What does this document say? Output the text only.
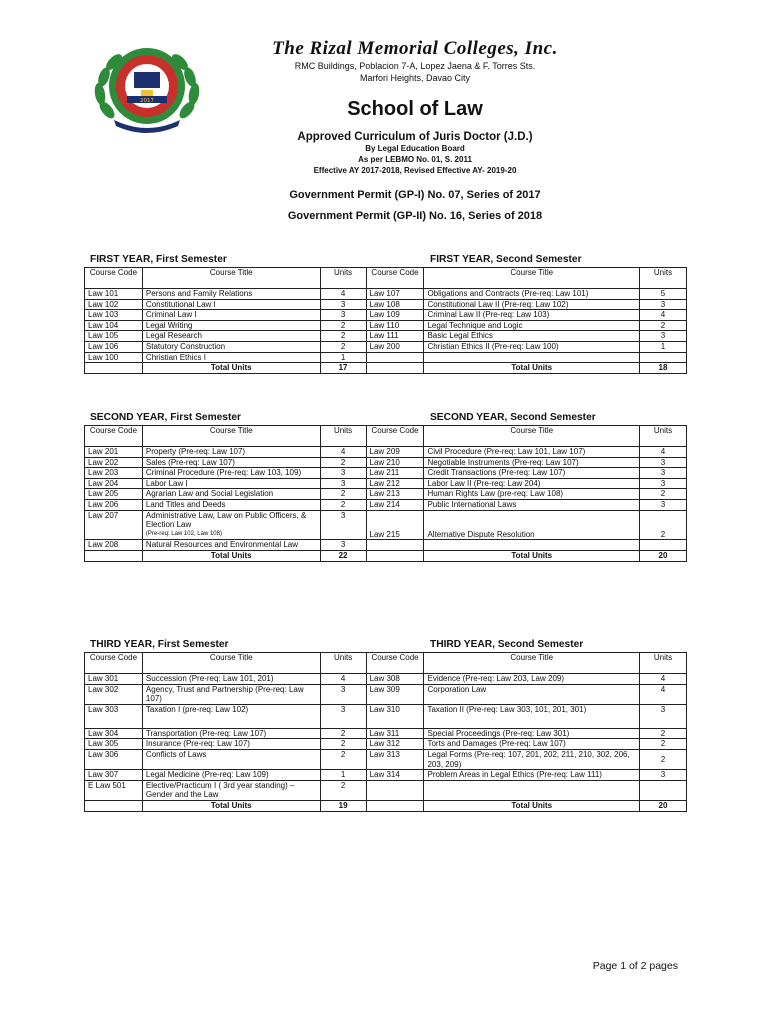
2017
The Rizal Memorial Colleges, Inc.
RMC Buildings, Poblacion 7-A, Lopez Jaena & F. Torres Sts.
Marfori Heights, Davao City
School of Law
Approved Curriculum of Juris Doctor (J.D.)
By Legal Education Board
As per LEBMO No. 01, S. 2011
Effective AY 2017-2018, Revised Effective AY- 2019-20
Government Permit (GP-I) No. 07, Series of 2017
Government Permit (GP-II) No. 16, Series of 2018
FIRST YEAR, First Semester	FIRST YEAR, Second Semester
Course Code	Course Title	Units	Course Code	Course Title	Units
Law 101	Persons and Family Relations	4	Law 107	Obligations and Contracts (Pre-req: Law 101)	5
Law 102	Constitutional Law I	3	Law 108	Constitutional Law II (Pre-req: Law 102)	3
Law 103	Criminal Law I	3	Law 109	Criminal Law II (Pre-req: Law 103)	4
Law 104	Legal Writing	2	Law 110	Legal Technique and Logic	2
Law 105	Legal Research	2	Law 111	Basic Legal Ethics	3
Law 106	Statutory Construction	2	Law 200	Christian Ethics II (Pre-req: Law 100)	1
Law 100	Christian Ethics I	1			
	Total Units	17		Total Units	18
SECOND YEAR, First Semester	SECOND YEAR, Second Semester
Course Code	Course Title	Units	Course Code	Course Title	Units
Law 201	Property (Pre-req: Law 107)	4	Law 209	Civil Procedure (Pre-req: Law 101, Law 107)	4
Law 202	Sales (Pre-req: Law 107)	2	Law 210	Negotiable Instruments (Pre-req: Law 107)	3
Law 203	Criminal Procedure (Pre-req: Law 103, 109)	3	Law 211	Credit Transactions (Pre-req: Law 107)	3
Law 204	Labor Law I	3	Law 212	Labor Law II (Pre-req: Law 204)	3
Law 205	Agrarian Law and Social Legislation	2	Law 213	Human Rights Law (pre-req: Law 108)	2
Law 206	Land Titles and Deeds	2	Law 214	Public International Laws	3
Law 207	Administrative Law, Law on Public Officers, & Election Law
(Pre-req: Law 102, Law 108)	3	Law 215	Alternative Dispute Resolution	2
Law 208	Natural Resources and Environmental Law	3			
	Total Units	22		Total Units	20
THIRD YEAR, First Semester	THIRD YEAR, Second Semester
Course Code	Course Title	Units	Course Code	Course Title	Units
Law 301	Succession (Pre-req: Law 101, 201)	4	Law 308	Evidence (Pre-req: Law 203, Law 209)	4
Law 302	Agency, Trust and Partnership (Pre-req: Law 107)	3	Law 309	Corporation Law	4
Law 303	Taxation I (pre-req: Law 102)	3	Law 310	Taxation II (Pre-req: Law 303, 101, 201, 301)	3
Law 304	Transportation (Pre-req: Law 107)	2	Law 311	Special Proceedings (Pre-req: Law 301)	2
Law 305	Insurance (Pre-req: Law 107)	2	Law 312	Torts and Damages (Pre-req: Law 107)	2
Law 306	Conflicts of Laws	2	Law 313	Legal Forms (Pre-req: 107, 201, 202, 211, 210, 302, 206, 203, 209)	2
Law 307	Legal Medicine (Pre-req: Law 109)	1	Law 314	Problem Areas in Legal Ethics (Pre-req: Law 111)	3
E Law 501	Elective/Practicum I ( 3rd year standing) – Gender and the Law	2			
	Total Units	19		Total Units	20
Page 1 of 2 pages
